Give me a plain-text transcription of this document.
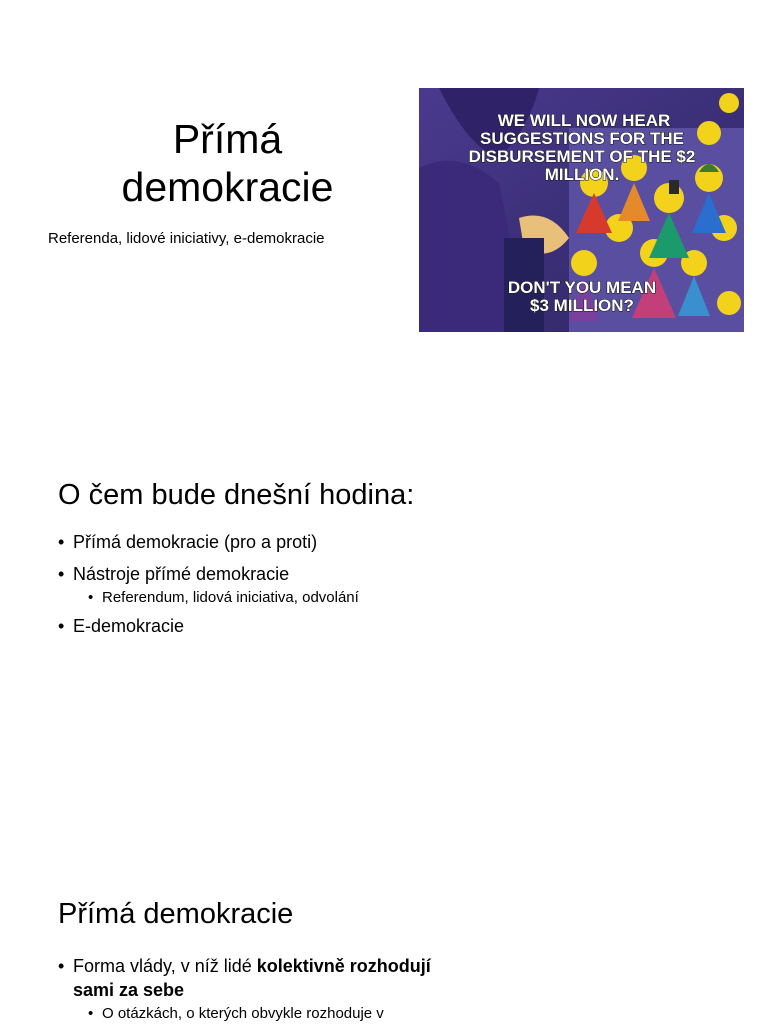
Přímá
demokracie

Referenda, lidové iniciativy, e-demokracie

WE WILL NOW HEAR
SUGGESTIONS FOR THE
DISBURSEMENT OF THE $2
MILLION.
DON'T YOU MEAN
$3 MILLION?
O čem bude dnešní hodina:
• Přímá demokracie (pro a proti)
• Nástroje přímé demokracie
• Referendum, lidová iniciativa, odvolání
• E-demokracie
Přímá demokracie
• Forma vlády, v níž lidé kolektivně rozhodují
sami za sebe
• O otázkách, o kterých obvykle rozhoduje v
